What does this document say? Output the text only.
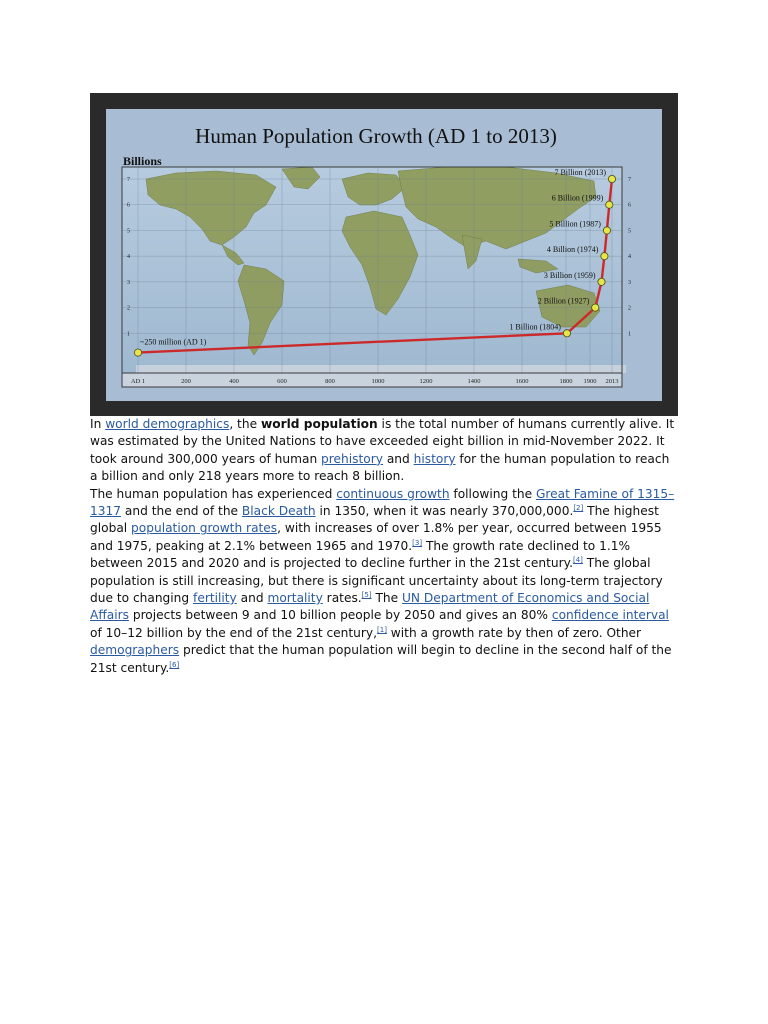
Human Population Growth (AD 1 to 2013)
Billions
1	1
2	2
3	3
4	4
5	5
6	6
7	7
AD 1	200	400	600	800	1000	1200	1400	1600	1800 1900 2013
~250 million (AD 1)
1 Billion (1804)
2 Billion (1927)
3 Billion (1959)
4 Billion (1974)
5 Billion (1987)
6 Billion (1999)
7 Billion (2013)

In world demographics, the world population is the total number of humans currently alive. It was estimated by the United Nations to have exceeded eight billion in mid-November 2022. It took around 300,000 years of human prehistory and history for the human population to reach a billion and only 218 years more to reach 8 billion.

The human population has experienced continuous growth following the Great Famine of 1315–1317 and the end of the Black Death in 1350, when it was nearly 370,000,000.[2] The highest global population growth rates, with increases of over 1.8% per year, occurred between 1955 and 1975, peaking at 2.1% between 1965 and 1970.[3] The growth rate declined to 1.1% between 2015 and 2020 and is projected to decline further in the 21st century.[4] The global population is still increasing, but there is significant uncertainty about its long-term trajectory due to changing fertility and mortality rates.[5] The UN Department of Economics and Social Affairs projects between 9 and 10 billion people by 2050 and gives an 80% confidence interval of 10–12 billion by the end of the 21st century,[1] with a growth rate by then of zero. Other demographers predict that the human population will begin to decline in the second half of the 21st century.[6]
